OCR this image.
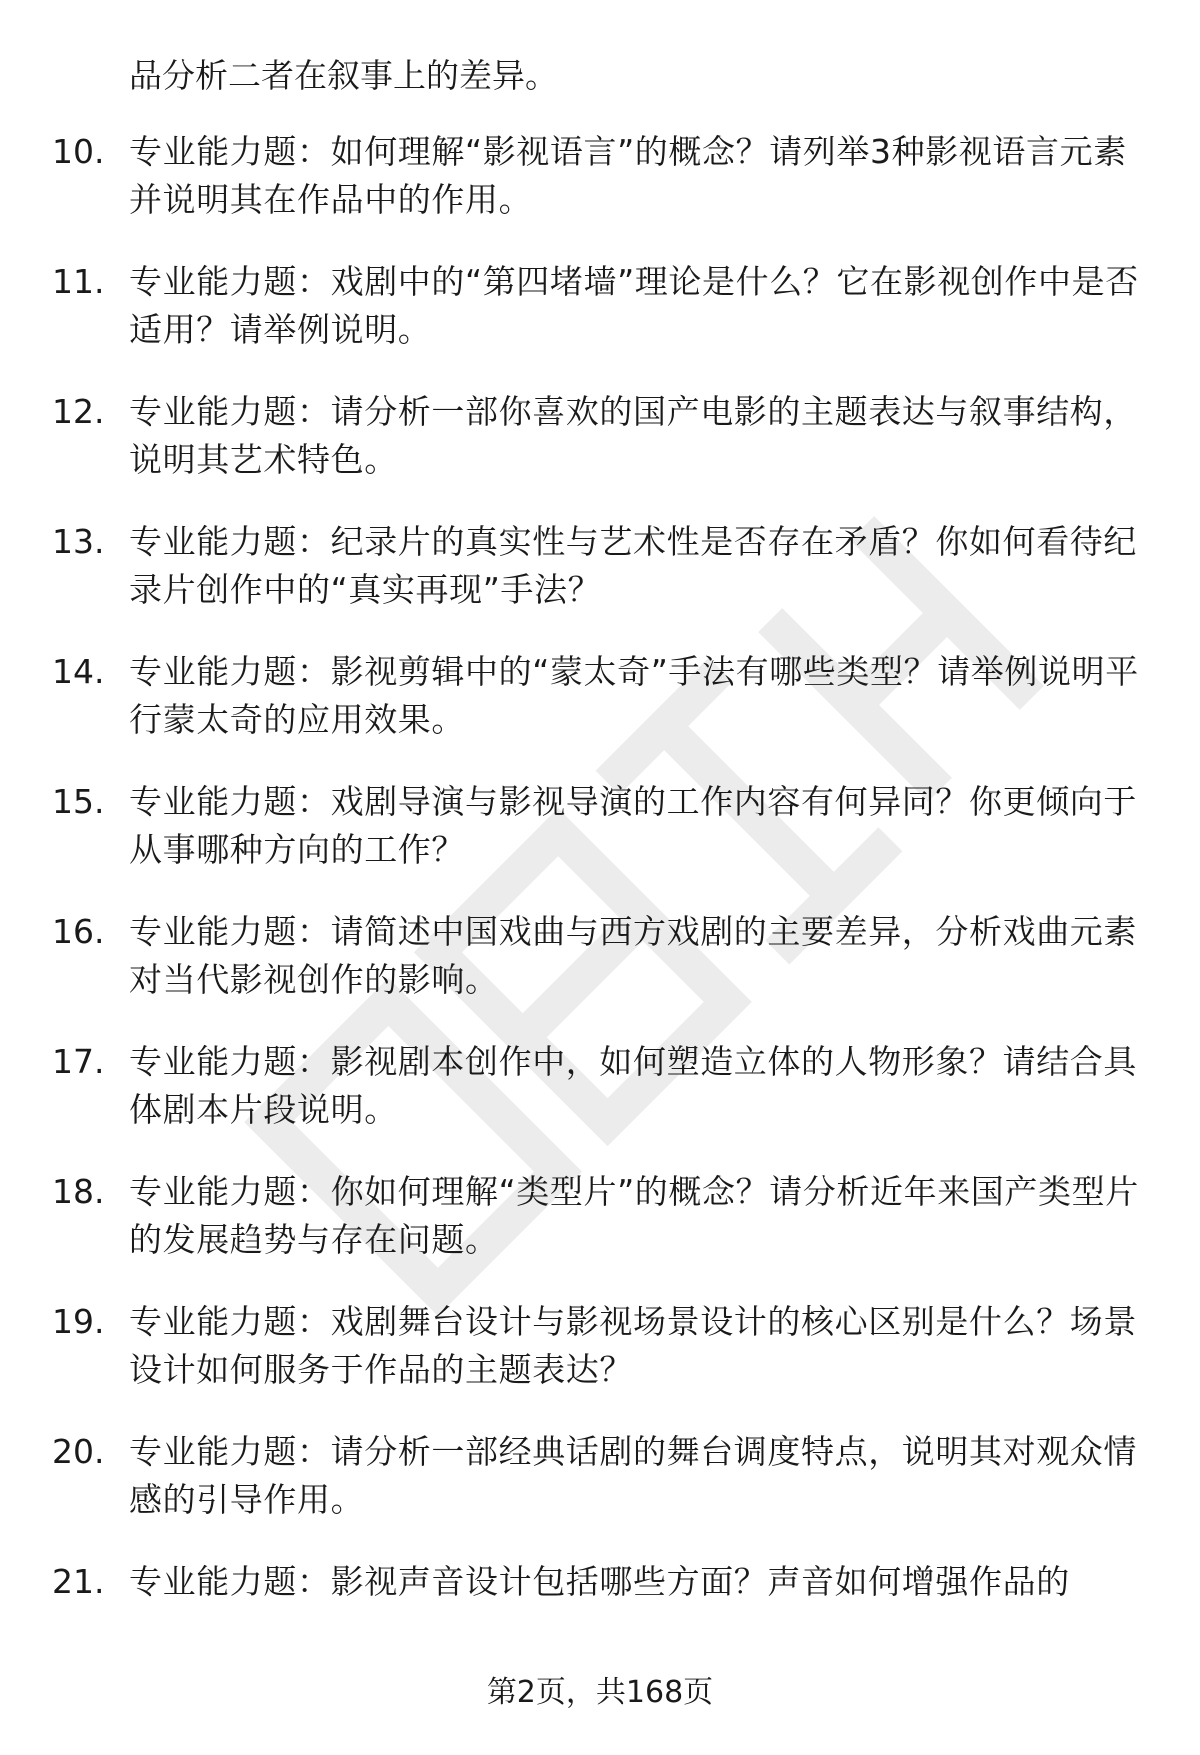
品分析二者在叙事上的差异。

10. 专业能力题：如何理解“影视语言”的概念？请列举3种影视语言元素并说明其在作品中的作用。
11. 专业能力题：戏剧中的“第四堵墙”理论是什么？它在影视创作中是否适用？请举例说明。
12. 专业能力题：请分析一部你喜欢的国产电影的主题表达与叙事结构，说明其艺术特色。
13. 专业能力题：纪录片的真实性与艺术性是否存在矛盾？你如何看待纪录片创作中的“真实再现”手法？
14. 专业能力题：影视剪辑中的“蒙太奇”手法有哪些类型？请举例说明平行蒙太奇的应用效果。
15. 专业能力题：戏剧导演与影视导演的工作内容有何异同？你更倾向于从事哪种方向的工作？
16. 专业能力题：请简述中国戏曲与西方戏剧的主要差异，分析戏曲元素对当代影视创作的影响。
17. 专业能力题：影视剧本创作中，如何塑造立体的人物形象？请结合具体剧本片段说明。
18. 专业能力题：你如何理解“类型片”的概念？请分析近年来国产类型片的发展趋势与存在问题。
19. 专业能力题：戏剧舞台设计与影视场景设计的核心区别是什么？场景设计如何服务于作品的主题表达？
20. 专业能力题：请分析一部经典话剧的舞台调度特点，说明其对观众情感的引导作用。
21. 专业能力题：影视声音设计包括哪些方面？声音如何增强作品的
第2页，共168页
